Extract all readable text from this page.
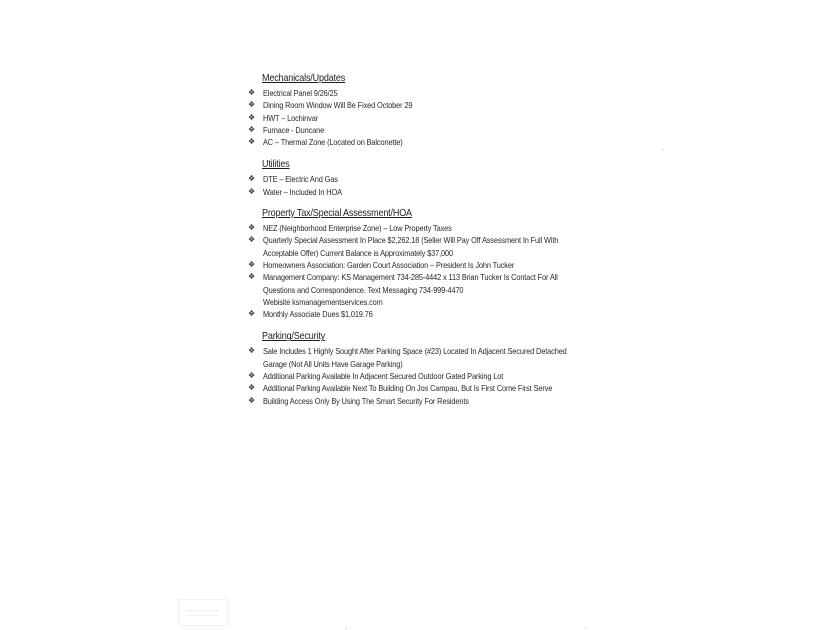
Mechanicals/Updates
❖ Electrical Panel 9/26/25
❖ Dining Room Window Will Be Fixed October 29
❖ HWT – Lochinvar
❖ Furnace - Duncane
❖ AC – Thermal Zone (Located on Balconette)
Utilities
❖ DTE – Electric And Gas
❖ Water – Included In HOA
Property Tax/Special Assessment/HOA
❖ NEZ (Neighborhood Enterprise Zone) – Low Property Taxes
❖ Quarterly Special Assessment In Place $2,262.18 (Seller Will Pay Off Assessment In Full With
Acceptable Offer) Current Balance is Approximately $37,000
❖ Homeowners Association: Garden Court Association – President Is John Tucker
❖ Management Company: KS Management 734-285-4442 x 113 Brian Tucker Is Contact For All
Questions and Correspondence. Text Messaging 734-999-4470
Webisite ksmanagementservices.com
❖ Monthly Associate Dues $1,019.76
Parking/Security
❖ Sale Includes 1 Highly Sought After Parking Space (#23) Located In Adjacent Secured Detached
Garage (Not All Units Have Garage Parking)
❖ Additional Parking Available In Adjacent Secured Outdoor Gated Parking Lot
❖ Additional Parking Available Next To Building On Jos Campau, But Is First Come First Serve
❖ Building Access Only By Using The Smart Security For Residents
